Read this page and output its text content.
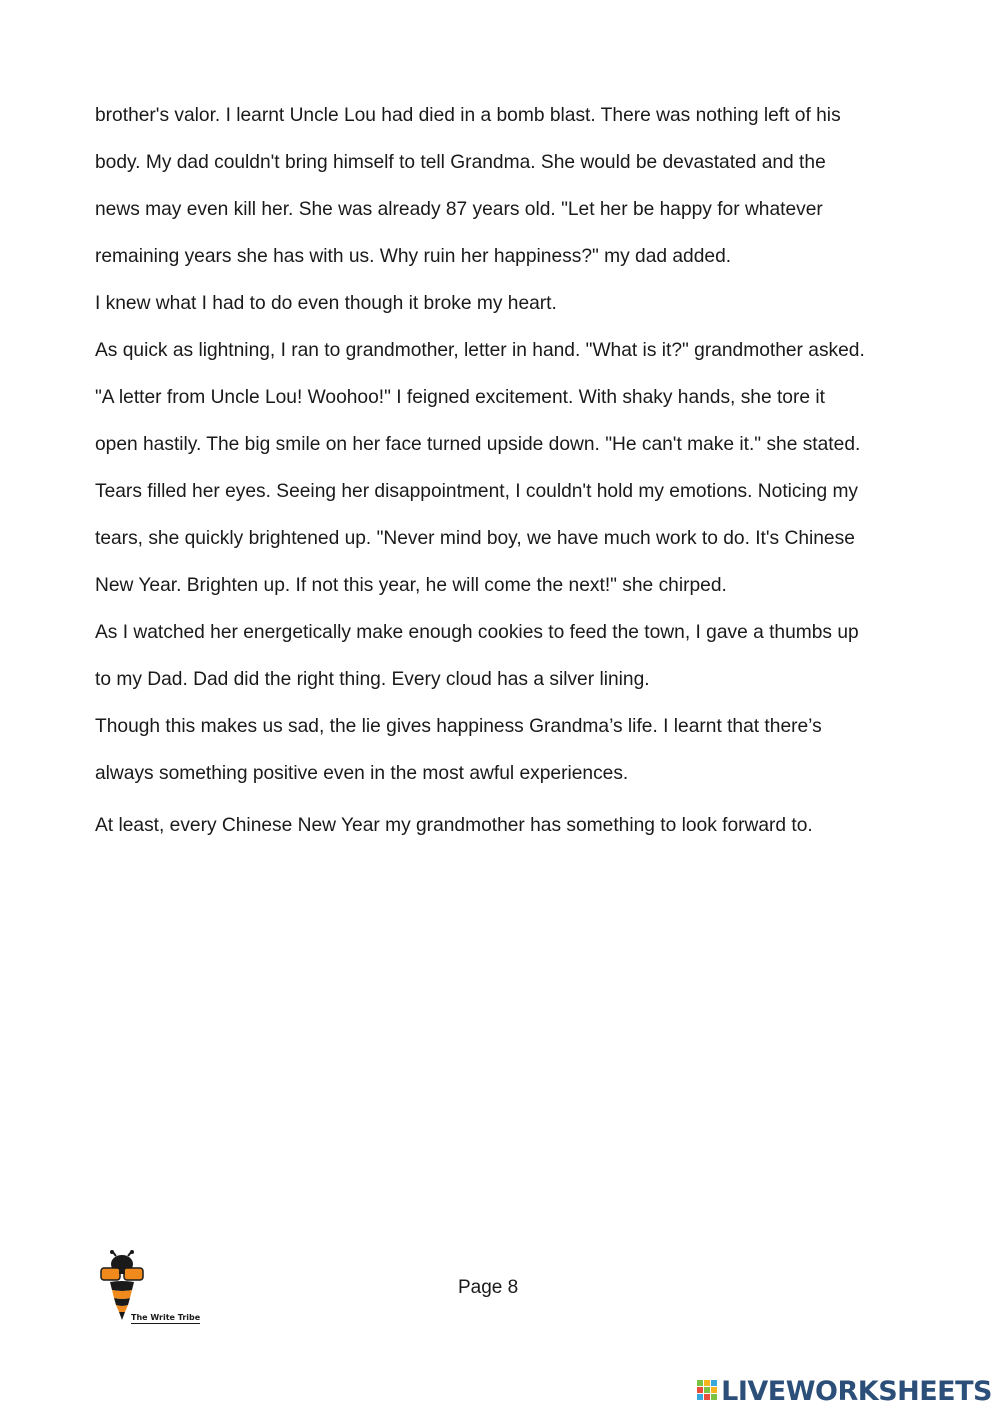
brother's valor. I learnt Uncle Lou had died in a bomb blast. There was nothing left of his
body. My dad couldn't bring himself to tell Grandma. She would be devastated and the
news may even kill her. She was already 87 years old. "Let her be happy for whatever
remaining years she has with us. Why ruin her happiness?" my dad added.
I knew what I had to do even though it broke my heart.
As quick as lightning, I ran to grandmother, letter in hand. "What is it?" grandmother asked.
"A letter from Uncle Lou! Woohoo!" I feigned excitement. With shaky hands, she tore it
open hastily. The big smile on her face turned upside down. "He can't make it." she stated.
Tears filled her eyes. Seeing her disappointment, I couldn't hold my emotions. Noticing my
tears, she quickly brightened up. "Never mind boy, we have much work to do. It's Chinese
New Year. Brighten up. If not this year, he will come the next!" she chirped.
As I watched her energetically make enough cookies to feed the town, I gave a thumbs up
to my Dad. Dad did the right thing. Every cloud has a silver lining.
Though this makes us sad, the lie gives happiness Grandma’s life. I learnt that there’s
always something positive even in the most awful experiences.
At least, every Chinese New Year my grandmother has something to look forward to.
The Write Tribe
Page 8
LIVEWORKSHEETS
